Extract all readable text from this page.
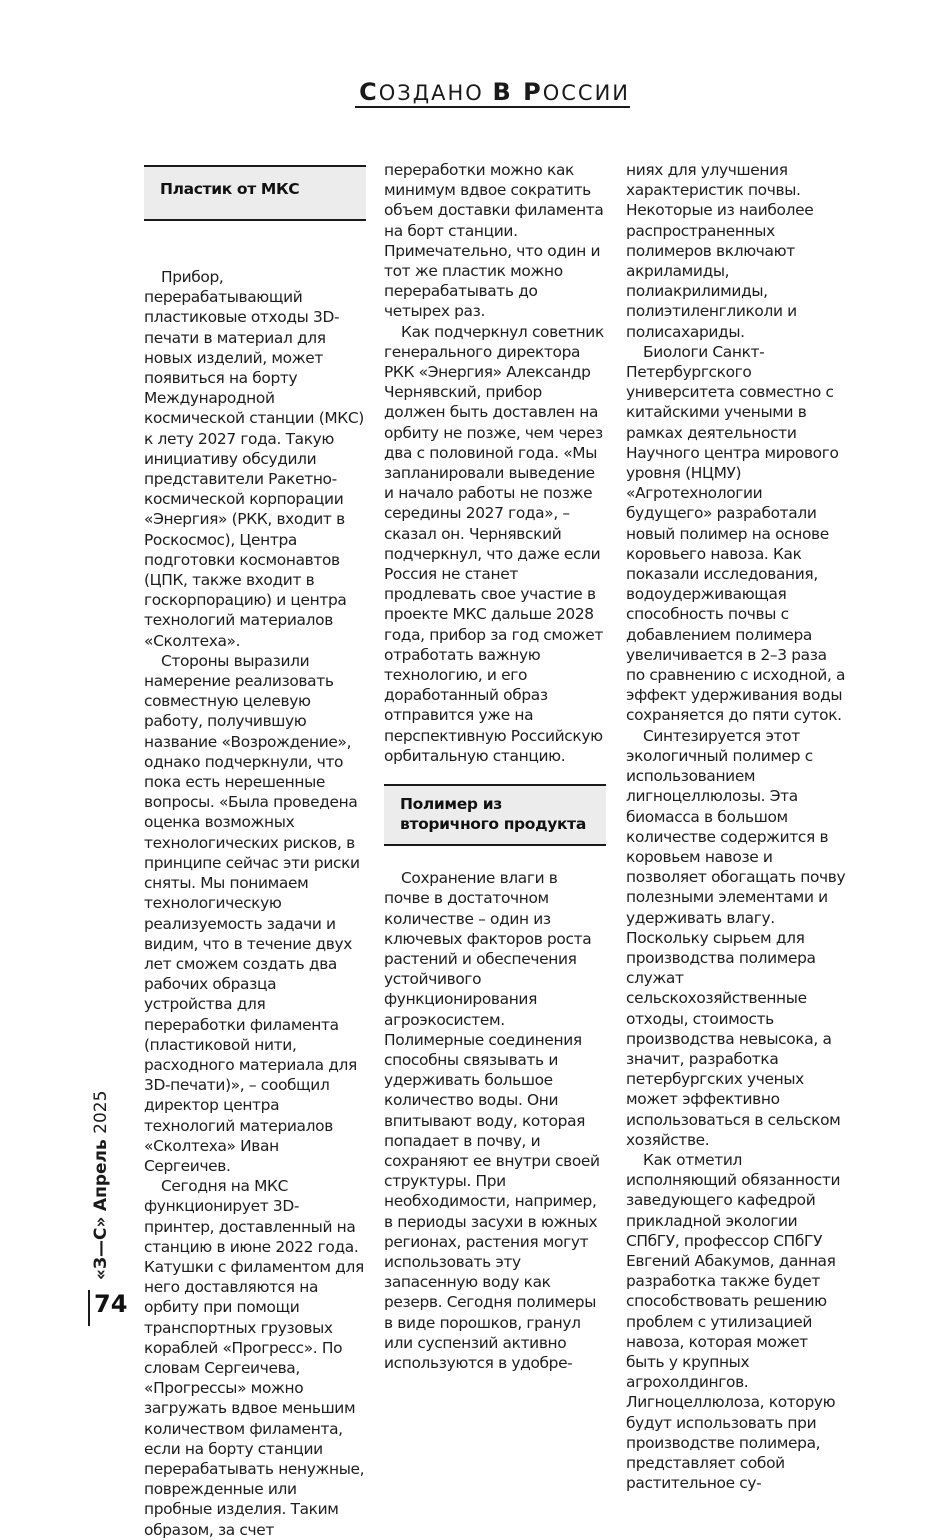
СОЗДАНО В РОССИИ
Пластик от МКС

Прибор, перерабатывающий пластиковые отходы 3D-печати в материал для новых изделий, может появиться на борту Международной космической станции (МКС) к лету 2027 года. Такую инициативу обсудили представители Ракетно-космической корпорации «Энергия» (РКК, входит в Роскосмос), Центра подготовки космонавтов (ЦПК, также входит в госкорпорацию) и центра технологий материалов «Сколтеха».

Стороны выразили намерение реализовать совместную целевую работу, получившую название «Возрождение», однако подчеркнули, что пока есть нерешенные вопросы. «Была проведена оценка возможных технологических рисков, в принципе сейчас эти риски сняты. Мы понимаем технологическую реализуемость задачи и видим, что в течение двух лет сможем создать два рабочих образца устройства для переработки филамента (пластиковой нити, расходного материала для 3D-печати)», – сообщил директор центра технологий материалов «Сколтеха» Иван Сергеичев.

Сегодня на МКС функционирует 3D-принтер, доставленный на станцию в июне 2022 года. Катушки с филаментом для него доставляются на орбиту при помощи транспортных грузовых кораблей «Прогресс». По словам Сергеичева, «Прогрессы» можно загружать вдвое меньшим количеством филамента, если на борту станции перерабатывать ненужные, поврежденные или пробные изделия. Таким образом, за счет

переработки можно как минимум вдвое сократить объем доставки филамента на борт станции. Примечательно, что один и тот же пластик можно перерабатывать до четырех раз.

Как подчеркнул советник генерального директора РКК «Энергия» Александр Чернявский, прибор должен быть доставлен на орбиту не позже, чем через два с половиной года. «Мы запланировали выведение и начало работы не позже середины 2027 года», – сказал он. Чернявский подчеркнул, что даже если Россия не станет продлевать свое участие в проекте МКС дальше 2028 года, прибор за год сможет отработать важную технологию, и его доработанный образ отправится уже на перспективную Российскую орбитальную станцию.

Полимер из вторичного продукта

Сохранение влаги в почве в достаточном количестве – один из ключевых факторов роста растений и обеспечения устойчивого функционирования агроэкосистем. Полимерные соединения способны связывать и удерживать большое количество воды. Они впитывают воду, которая попадает в почву, и сохраняют ее внутри своей структуры. При необходимости, например, в периоды засухи в южных регионах, растения могут использовать эту запасенную воду как резерв. Сегодня полимеры в виде порошков, гранул или суспензий активно используются в удобре-

ниях для улучшения характеристик почвы. Некоторые из наиболее распространенных полимеров включают акриламиды, полиакрилимиды, полиэтиленгликоли и полисахариды.

Биологи Санкт-Петербургского университета совместно с китайскими учеными в рамках деятельности Научного центра мирового уровня (НЦМУ) «Агротехнологии будущего» разработали новый полимер на основе коровьего навоза. Как показали исследования, водоудерживающая способность почвы с добавлением полимера увеличивается в 2–3 раза по сравнению с исходной, а эффект удерживания воды сохраняется до пяти суток.

Синтезируется этот экологичный полимер с использованием лигноцеллюлозы. Эта биомасса в большом количестве содержится в коровьем навозе и позволяет обогащать почву полезными элементами и удерживать влагу. Поскольку сырьем для производства полимера служат сельскохозяйственные отходы, стоимость производства невысока, а значит, разработка петербургских ученых может эффективно использоваться в сельском хозяйстве.

Как отметил исполняющий обязанности заведующего кафедрой прикладной экологии СПбГУ, профессор СПбГУ Евгений Абакумов, данная разработка также будет способствовать решению проблем с утилизацией навоза, которая может быть у крупных агрохолдингов. Лигноцеллюлоза, которую будут использовать при производстве полимера, представляет собой растительное су-

«З—С» Апрель 2025
74
